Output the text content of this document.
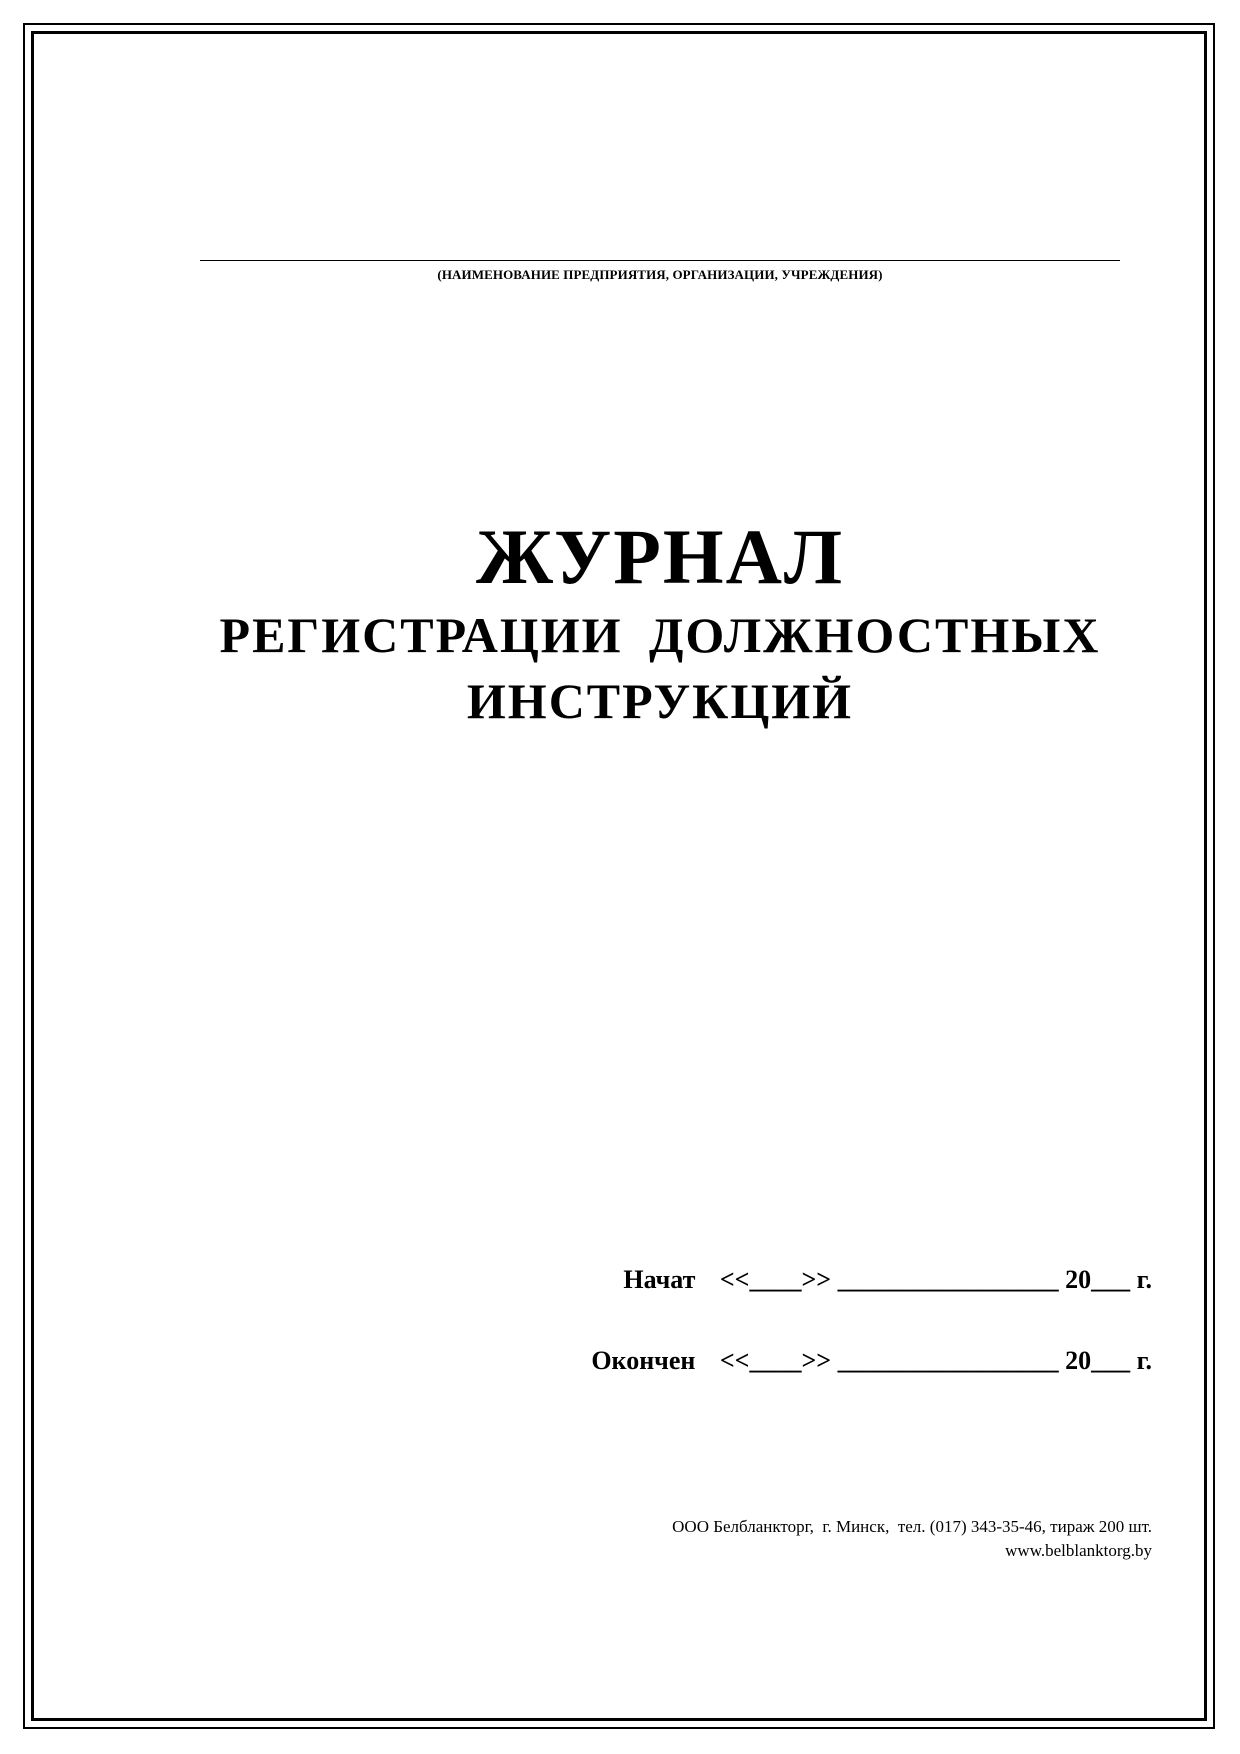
(НАИМЕНОВАНИЕ ПРЕДПРИЯТИЯ, ОРГАНИЗАЦИИ, УЧРЕЖДЕНИЯ)
ЖУРНАЛ
РЕГИСТРАЦИИ ДОЛЖНОСТНЫХ
ИНСТРУКЦИЙ
Начат <<____>> _________________ 20___ г.
Окончен <<____>> _________________ 20___ г.
ООО Белбланкторг,  г. Минск,  тел. (017) 343-35-46, тираж 200 шт.
www.belblanktorg.by
